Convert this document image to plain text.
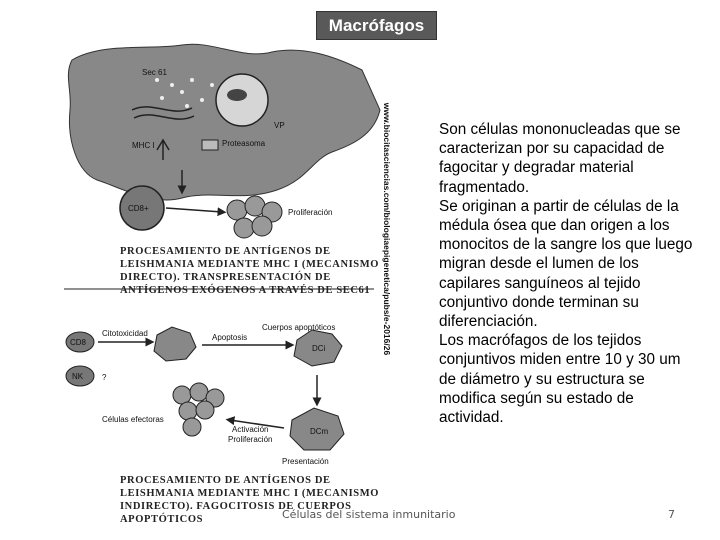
Macrófagos
Sec 61
VP
MHC I	Proteasoma
CD8+	Proliferación
Cuerpos apoptóticos
CD8
Citotoxicidad	Apoptosis
DCi
NK ?
Células efectoras
Activación
Proliferación
DCm
Presentación
PROCESAMIENTO DE ANTÍGENOS DE LEISHMANIA MEDIANTE MHC I (MECANISMO DIRECTO). TRANSPRESENTACIÓN DE ANTÍGENOS EXÓGENOS A TRAVÉS DE SEC61
PROCESAMIENTO DE ANTÍGENOS DE LEISHMANIA MEDIANTE MHC I (MECANISMO INDIRECTO). FAGOCITOSIS DE CUERPOS APOPTÓTICOS
www.biocitasciencias.com/biologiaepigenetica/pubs/e-2016/26	Son células mononucleadas que se caracterizan por su capacidad de fagocitar y degradar material fragmentado.

Se originan a partir de células de la médula ósea que dan origen a los monocitos de la sangre los que luego migran desde el lumen de los capilares sanguíneos al tejido conjuntivo donde terminan su diferenciación.

Los macrófagos de los tejidos conjuntivos miden entre 10 y 30 um de diámetro y su estructura se modifica según su estado de actividad.

Células del sistema inmunitario	7
